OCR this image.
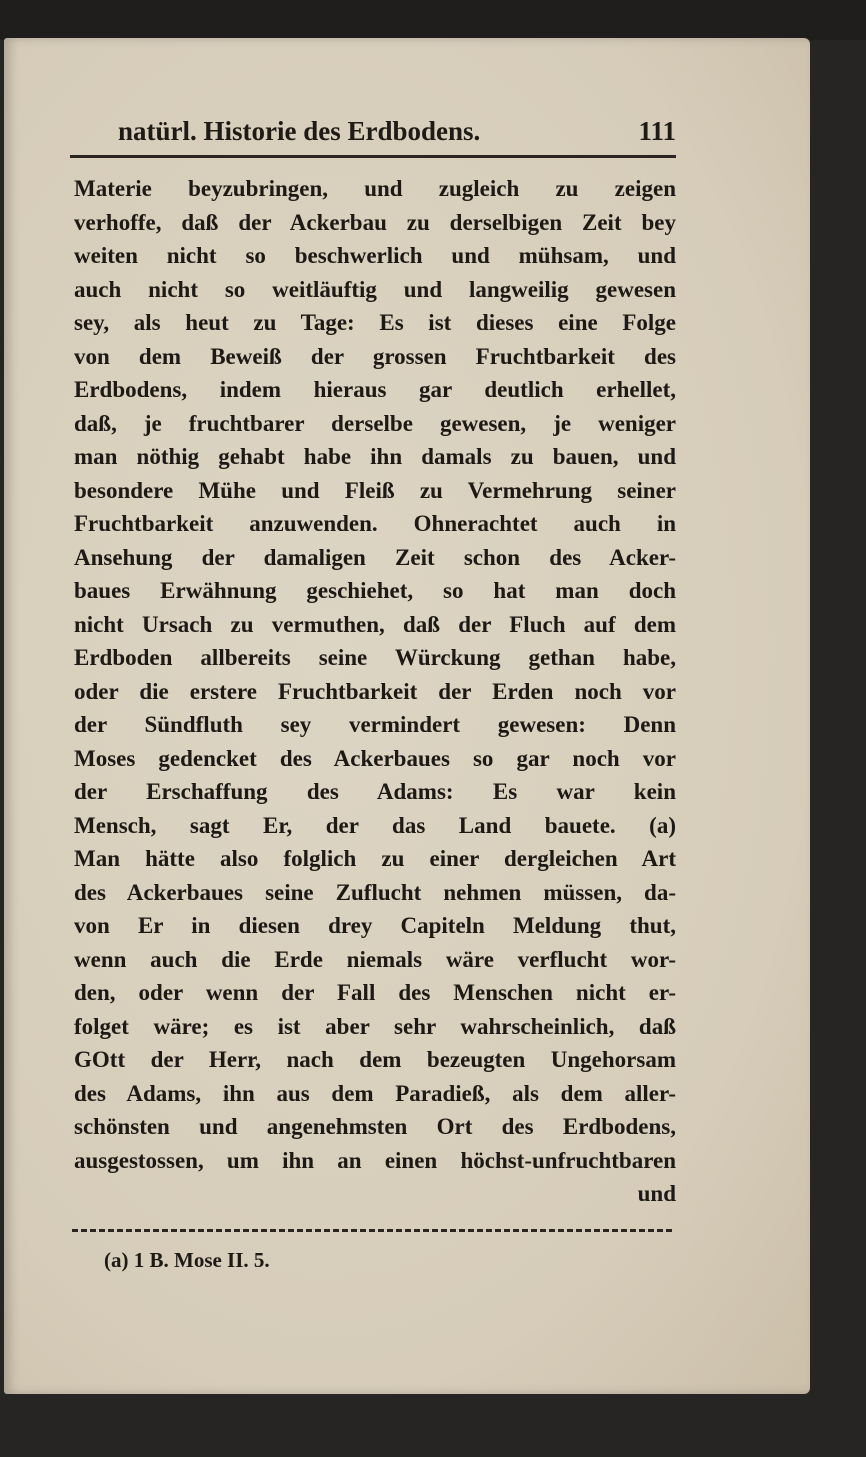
natürl. Historie des Erdbodens.	111
Materie beyzubringen, und zugleich zu zeigen
verhoffe, daß der Ackerbau zu derselbigen Zeit bey
weiten nicht so beschwerlich und mühsam, und
auch nicht so weitläuftig und langweilig gewesen
sey, als heut zu Tage: Es ist dieses eine Folge
von dem Beweiß der grossen Fruchtbarkeit des
Erdbodens, indem hieraus gar deutlich erhellet,
daß, je fruchtbarer derselbe gewesen, je weniger
man nöthig gehabt habe ihn damals zu bauen, und
besondere Mühe und Fleiß zu Vermehrung seiner
Fruchtbarkeit anzuwenden. Ohnerachtet auch in
Ansehung der damaligen Zeit schon des Acker-
baues Erwähnung geschiehet, so hat man doch
nicht Ursach zu vermuthen, daß der Fluch auf dem
Erdboden allbereits seine Würckung gethan habe,
oder die erstere Fruchtbarkeit der Erden noch vor
der Sündfluth sey vermindert gewesen: Denn
Moses gedencket des Ackerbaues so gar noch vor
der Erschaffung des Adams: Es war kein
Mensch, sagt Er, der das Land bauete. (a)
Man hätte also folglich zu einer dergleichen Art
des Ackerbaues seine Zuflucht nehmen müssen, da-
von Er in diesen drey Capiteln Meldung thut,
wenn auch die Erde niemals wäre verflucht wor-
den, oder wenn der Fall des Menschen nicht er-
folget wäre; es ist aber sehr wahrscheinlich, daß
GOtt der Herr, nach dem bezeugten Ungehorsam
des Adams, ihn aus dem Paradieß, als dem aller-
schönsten und angenehmsten Ort des Erdbodens,
ausgestossen, um ihn an einen höchst-unfruchtbaren
und
(a) 1 B. Mose II. 5.
